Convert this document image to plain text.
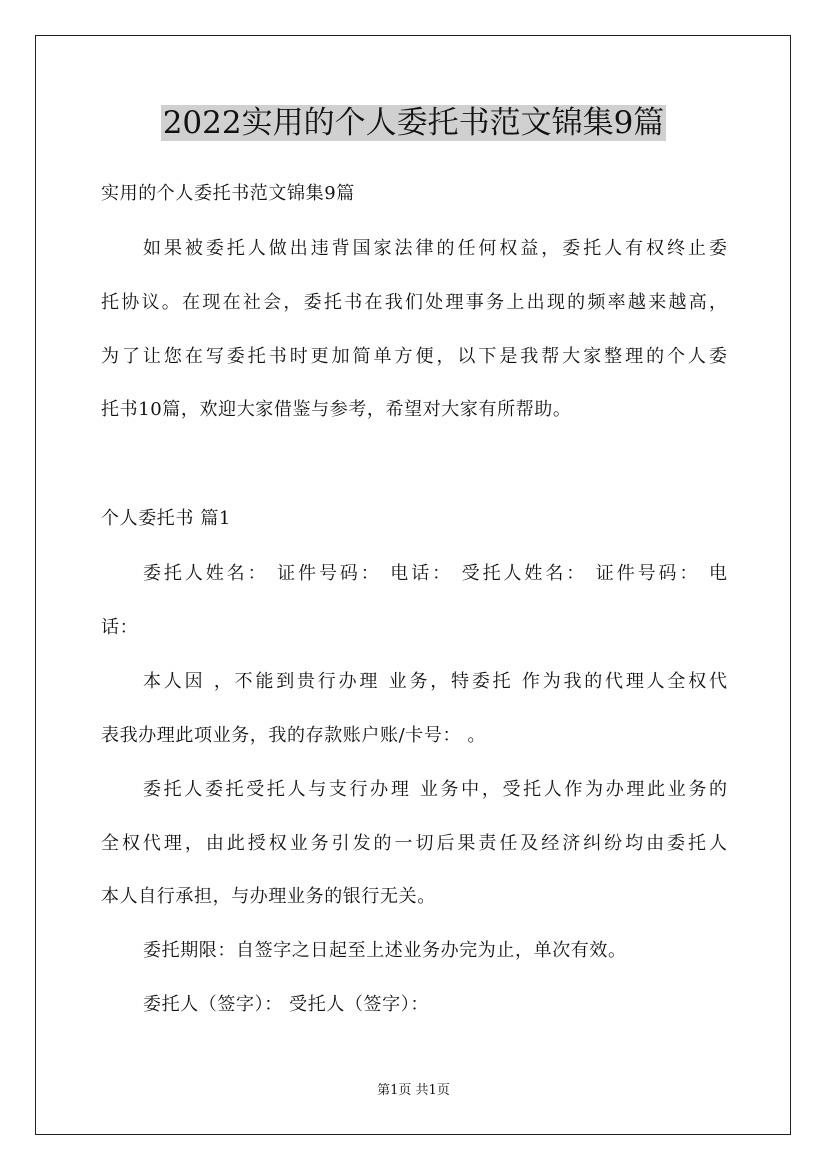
2022实用的个人委托书范文锦集9篇
实用的个人委托书范文锦集9篇
如果被委托人做出违背国家法律的任何权益，委托人有权终止委
托协议。在现在社会，委托书在我们处理事务上出现的频率越来越高，
为了让您在写委托书时更加简单方便，以下是我帮大家整理的个人委
托书10篇，欢迎大家借鉴与参考，希望对大家有所帮助。
个人委托书 篇1
委托人姓名： 证件号码： 电话： 受托人姓名： 证件号码： 电
话：
本人因 ，不能到贵行办理 业务，特委托 作为我的代理人全权代
表我办理此项业务，我的存款账户账/卡号： 。
委托人委托受托人与支行办理 业务中，受托人作为办理此业务的
全权代理，由此授权业务引发的一切后果责任及经济纠纷均由委托人
本人自行承担，与办理业务的银行无关。
委托期限：自签字之日起至上述业务办完为止，单次有效。
委托人（签字）： 受托人（签字）：
第1页 共1页
